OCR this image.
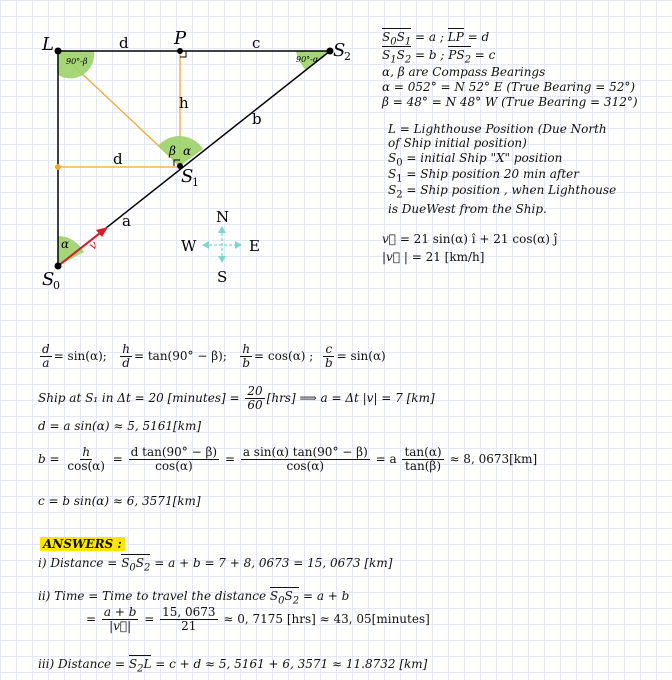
L	P
S
2
S
1
S
0
d	c
h
b
d
a
v
90°-β	90°-α
α
β
α
N
S
W	E
$S_0S_1 = a$ ; LP = d
$S_1S_2 = b$ ; $PS_2 = c$
α, β are Compass Bearings
α = 052° = N 52° E (True Bearing = 52°)
β = 48° = N 48° W (True Bearing = 312°)
L = Lighthouse Position (Due North of Ship initial position)
$S_0$ = initial Ship "X" position
$S_1$ = Ship position 20 min after
$S_2$ = Ship position , when Lighthouse is DueWest from the Ship.
v⃗ = 21 sin(α) î + 21 cos(α) ĵ
|v⃗ | = 21 [km/h]
$\frac{d}{a} = \sin(\alpha)$; $\frac{h}{d} = \tan(90^\circ - \beta)$; $\frac{h}{b} = \cos(\alpha)$ ; $\frac{c}{b} = \sin(\alpha)$
Ship at S₁ in Δt = 20 [minutes] = $\frac{20}{60} [hrs]$ ⟹ a = Δt |v| = 7 [km]
d = a sin(α) ≈ 5, 5161[km]
$b = \frac{h}{\cos(\alpha)} = \frac{\text{d tan(90° − β)}}{\cos(\alpha)} = \frac{\text{a sin(α) tan(90° − β)}}{\cos(\alpha)} = a \frac{\tan(\alpha)}{\tan(\beta)} \approx 8$, 0673[km]
c = b sin(α) ≈ 6, 3571[km]
ANSWERS :
i) Distance = $S_0S_2 = a + b = 7 + 8$, 0673 = 15, 0673 [km]
ii) Time = Time to travel the distance $S_0S_2 = a + b$
= $\frac{a + b}{|v⃗|} = \frac{15, 0673}{21} \approx 0$, 7175 [hrs] ≈ 43, 05[minutes]
iii) Distance = $S_2L = c + d \approx 5$, 5161 + 6, 3571 ≈ 11.8732 [km]
